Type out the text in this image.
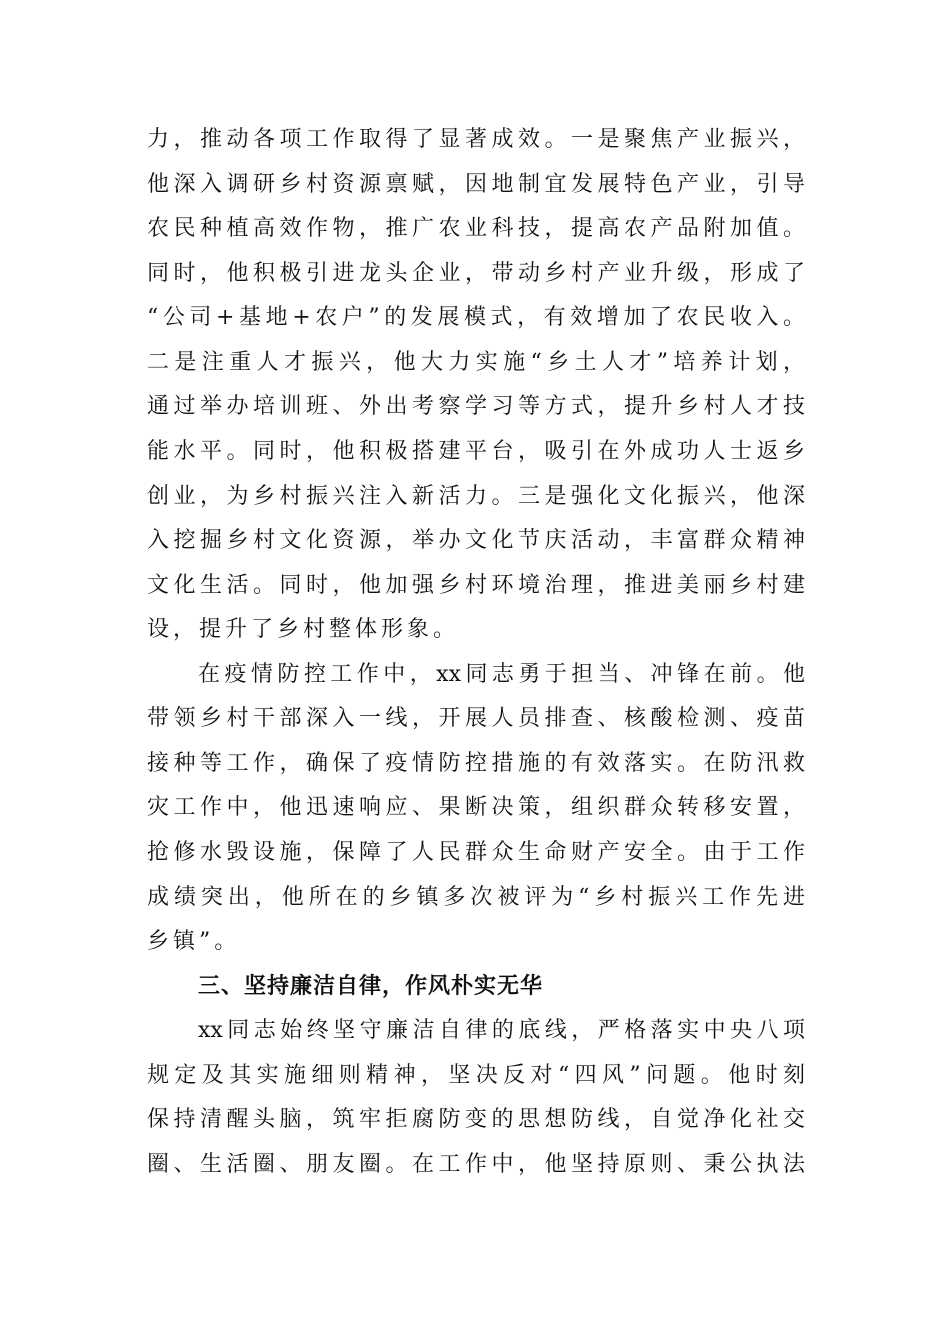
力，推动各项工作取得了显著成效。一是聚焦产业振兴，
他深入调研乡村资源禀赋，因地制宜发展特色产业，引导
农民种植高效作物，推广农业科技，提高农产品附加值。
同时，他积极引进龙头企业，带动乡村产业升级，形成了
“公司+基地+农户”的发展模式，有效增加了农民收入。
二是注重人才振兴，他大力实施“乡土人才”培养计划，
通过举办培训班、外出考察学习等方式，提升乡村人才技
能水平。同时，他积极搭建平台，吸引在外成功人士返乡
创业，为乡村振兴注入新活力。三是强化文化振兴，他深
入挖掘乡村文化资源，举办文化节庆活动，丰富群众精神
文化生活。同时，他加强乡村环境治理，推进美丽乡村建
设，提升了乡村整体形象。
在疫情防控工作中，xx同志勇于担当、冲锋在前。他
带领乡村干部深入一线，开展人员排查、核酸检测、疫苗
接种等工作，确保了疫情防控措施的有效落实。在防汛救
灾工作中，他迅速响应、果断决策，组织群众转移安置，
抢修水毁设施，保障了人民群众生命财产安全。由于工作
成绩突出，他所在的乡镇多次被评为“乡村振兴工作先进
乡镇”。
三、坚持廉洁自律，作风朴实无华
xx同志始终坚守廉洁自律的底线，严格落实中央八项
规定及其实施细则精神，坚决反对“四风”问题。他时刻
保持清醒头脑，筑牢拒腐防变的思想防线，自觉净化社交
圈、生活圈、朋友圈。在工作中，他坚持原则、秉公执法
